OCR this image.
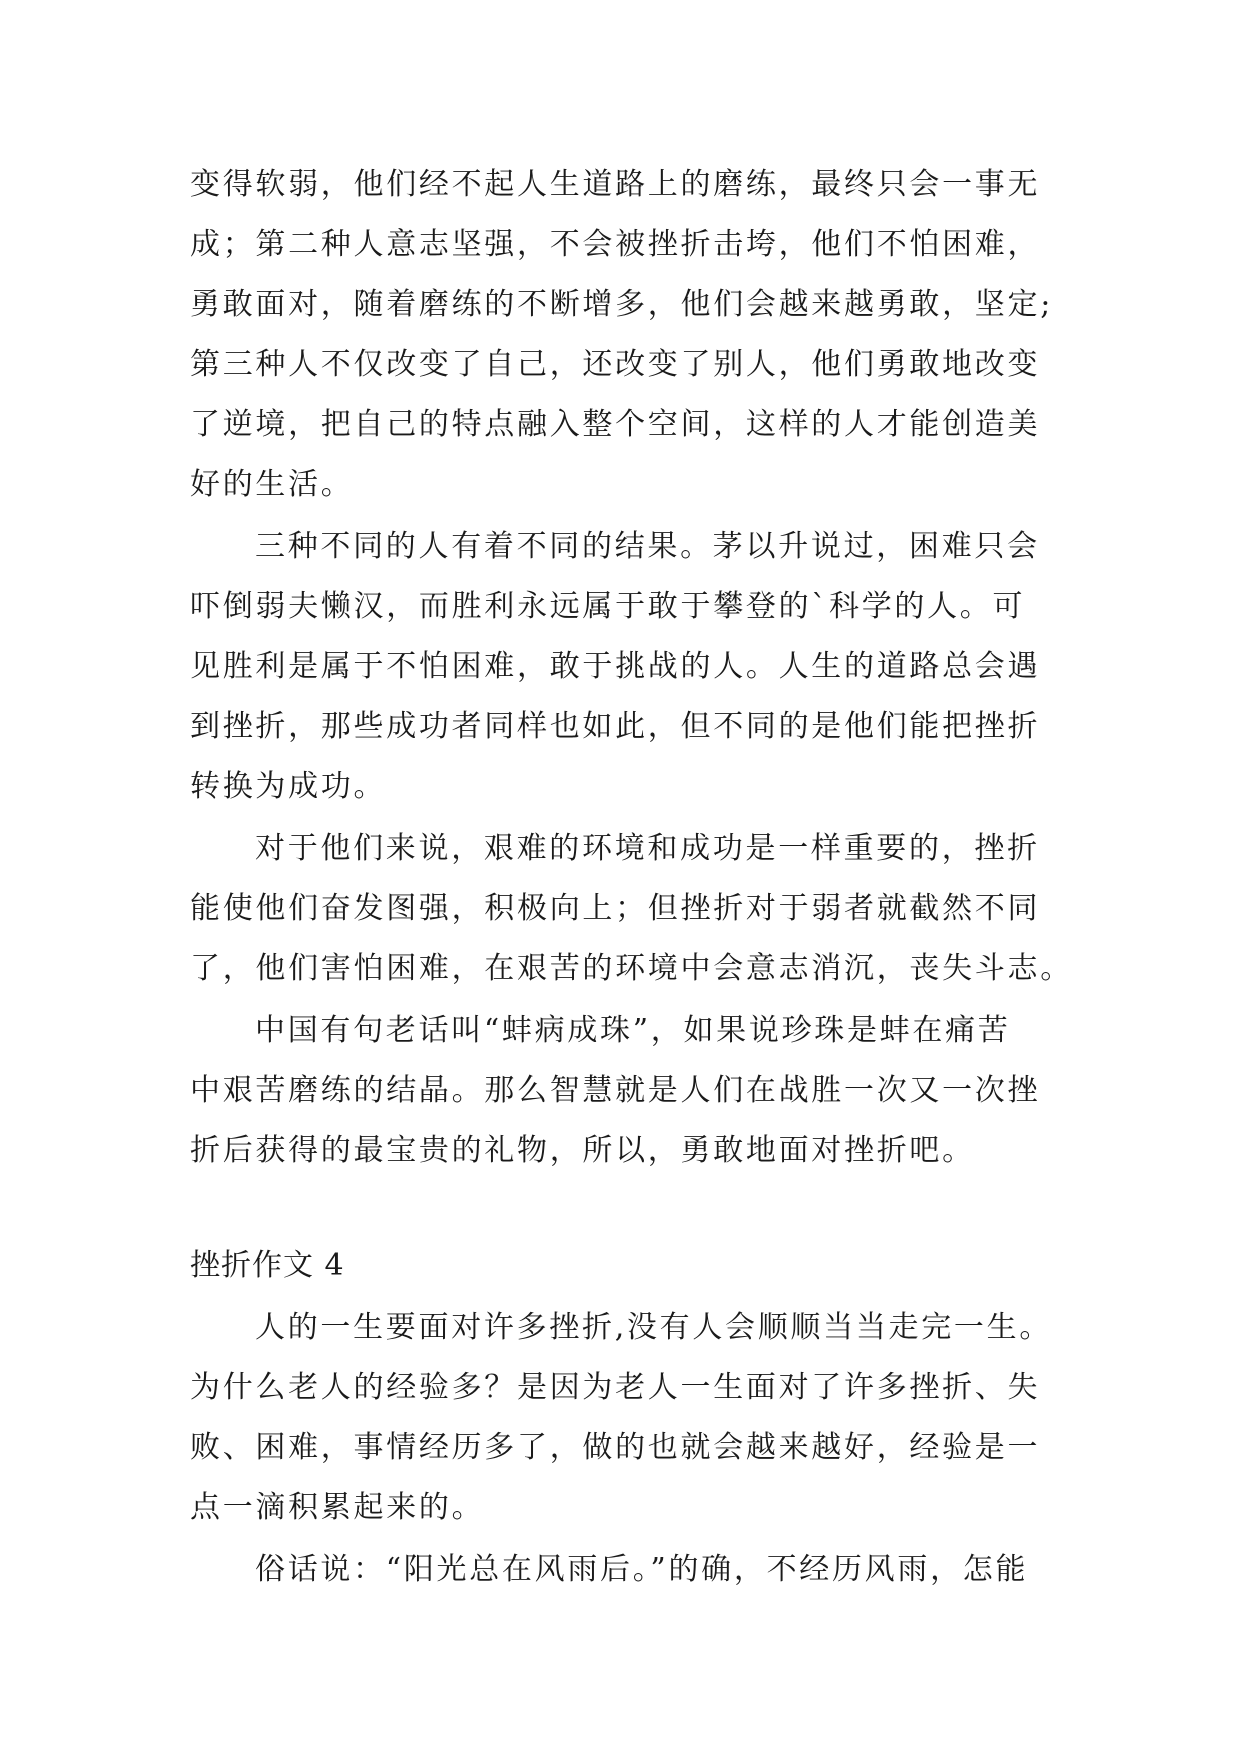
变得软弱，他们经不起人生道路上的磨练，最终只会一事无
成；第二种人意志坚强，不会被挫折击垮，他们不怕困难，
勇敢面对，随着磨练的不断增多，他们会越来越勇敢，坚定;
第三种人不仅改变了自己，还改变了别人，他们勇敢地改变
了逆境，把自己的特点融入整个空间，这样的人才能创造美
好的生活。
三种不同的人有着不同的结果。茅以升说过，困难只会
吓倒弱夫懒汉，而胜利永远属于敢于攀登的`科学的人。可
见胜利是属于不怕困难，敢于挑战的人。人生的道路总会遇
到挫折，那些成功者同样也如此，但不同的是他们能把挫折
转换为成功。
对于他们来说，艰难的环境和成功是一样重要的，挫折
能使他们奋发图强，积极向上；但挫折对于弱者就截然不同
了，他们害怕困难，在艰苦的环境中会意志消沉，丧失斗志。
中国有句老话叫“蚌病成珠”，如果说珍珠是蚌在痛苦
中艰苦磨练的结晶。那么智慧就是人们在战胜一次又一次挫
折后获得的最宝贵的礼物，所以，勇敢地面对挫折吧。
挫折作文 4
人的一生要面对许多挫折,没有人会顺顺当当走完一生。
为什么老人的经验多？是因为老人一生面对了许多挫折、失
败、困难，事情经历多了，做的也就会越来越好，经验是一
点一滴积累起来的。
俗话说：“阳光总在风雨后。”的确，不经历风雨，怎能
